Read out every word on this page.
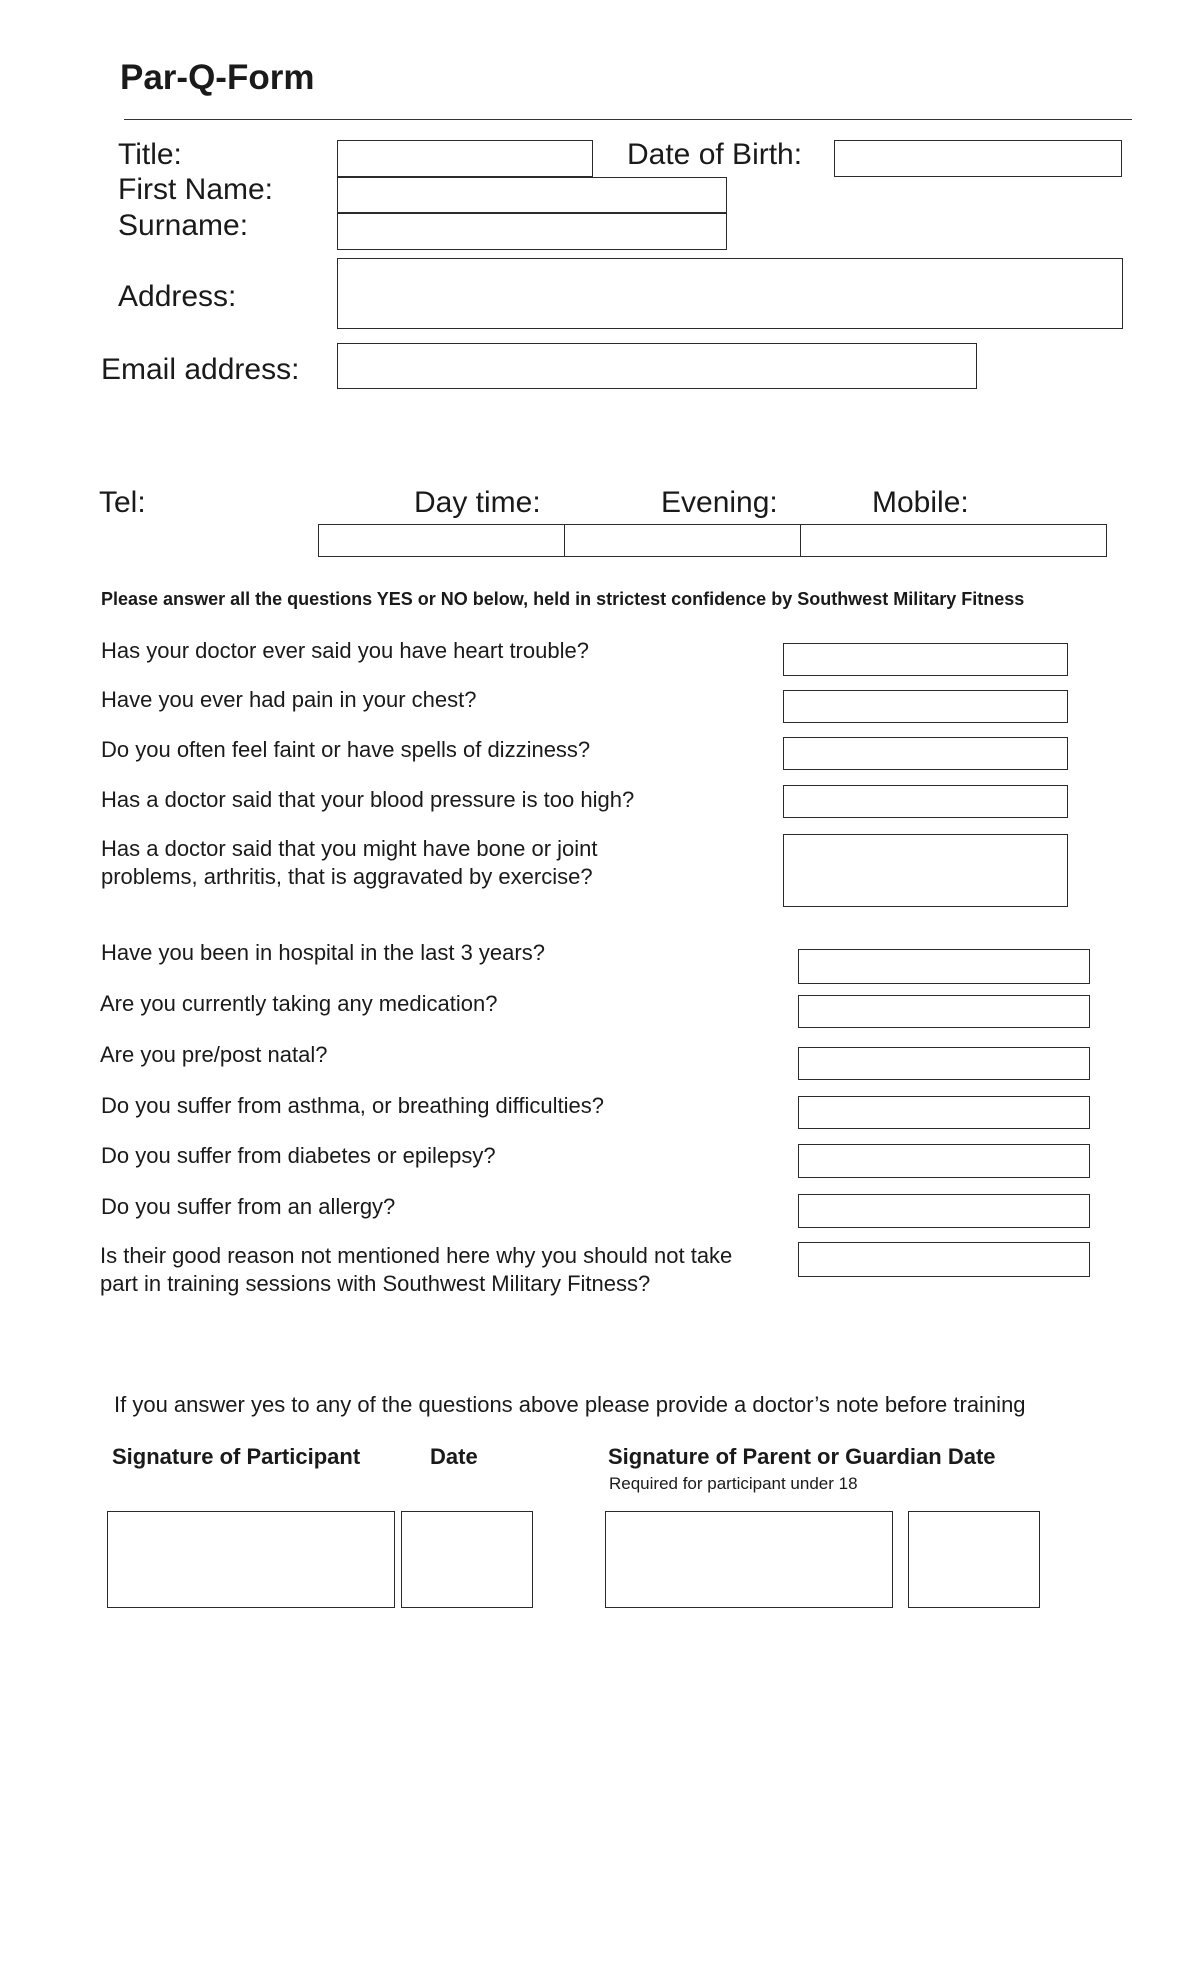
Par-Q-Form
Title:	Date of Birth:
First Name:
Surname:
Address:
Email address:
Tel:	Day time:	Evening:	Mobile:
Please answer all the questions YES or NO below, held in strictest confidence by Southwest Military Fitness
Has your doctor ever said you have heart trouble?
Have you ever had pain in your chest?
Do you often feel faint or have spells of dizziness?
Has a doctor said that your blood pressure is too high?
Has a doctor said that you might have bone or joint problems, arthritis, that is aggravated by exercise?
Have you been in hospital in the last 3 years?
Are you currently taking any medication?
Are you pre/post natal?
Do you suffer from asthma, or breathing difficulties?
Do you suffer from diabetes or epilepsy?
Do you suffer from an allergy?
Is their good reason not mentioned here why you should not take part in training sessions with Southwest Military Fitness?
If you answer yes to any of the questions above please provide a doctor’s note before training
Signature of Participant	Date	Signature of Parent or Guardian Date
Required for participant under 18
